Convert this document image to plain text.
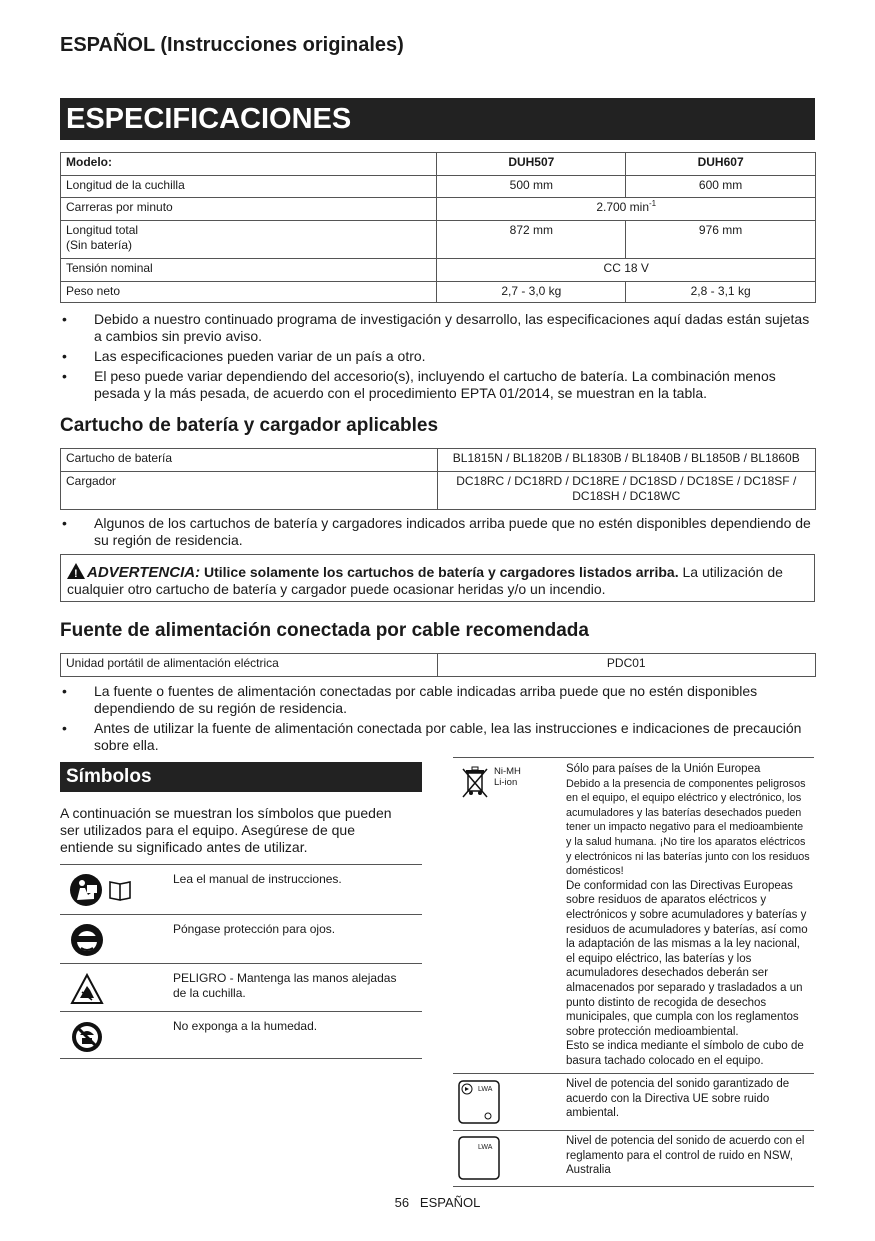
ESPAÑOL (Instrucciones originales)
ESPECIFICACIONES
Modelo:	DUH507	DUH607
Longitud de la cuchilla	500 mm	600 mm
Carreras por minuto	2.700 $\min^{-1}$
Longitud total
(Sin batería)	872 mm	976 mm
Tensión nominal	CC 18 V	
Peso neto	2,7 - 3,0 kg	2,8 - 3,1 kg
• Debido a nuestro continuado programa de investigación y desarrollo, las especificaciones aquí dadas están sujetas a cambios sin previo aviso.
• Las especificaciones pueden variar de un país a otro.
• El peso puede variar dependiendo del accesorio(s), incluyendo el cartucho de batería. La combinación menos pesada y la más pesada, de acuerdo con el procedimiento EPTA 01/2014, se muestran en la tabla.
Cartucho de batería y cargador aplicables
Cartucho de batería	BL1815N / BL1820B / BL1830B / BL1840B / BL1850B / BL1860B
Cargador	DC18RC / DC18RD / DC18RE / DC18SD / DC18SE / DC18SF /
DC18SH / DC18WC
• Algunos de los cartuchos de batería y cargadores indicados arriba puede que no estén disponibles dependiendo de su región de residencia.
!ADVERTENCIA: Utilice solamente los cartuchos de batería y cargadores listados arriba. La utilización de cualquier otro cartucho de batería y cargador puede ocasionar heridas y/o un incendio.
Fuente de alimentación conectada por cable recomendada
Unidad portátil de alimentación eléctrica	PDC01
• La fuente o fuentes de alimentación conectadas por cable indicadas arriba puede que no estén disponibles dependiendo de su región de residencia.
• Antes de utilizar la fuente de alimentación conectada por cable, lea las instrucciones e indicaciones de precaución sobre ella.
Símbolos
A continuación se muestran los símbolos que pueden ser utilizados para el equipo. Asegúrese de que entiende su significado antes de utilizar.
Lea el manual de instrucciones.
Póngase protección para ojos.
PELIGRO - Mantenga las manos alejadas de la cuchilla.
No exponga a la humedad.
Ni-MH
Li-ion
Sólo para países de la Unión Europea
Debido a la presencia de componentes peligrosos en el equipo, el equipo eléctrico y electrónico, los acumuladores y las baterías desechados pueden tener un impacto negativo para el medioambiente y la salud humana. ¡No tire los aparatos eléctricos y electrónicos ni las baterías junto con los residuos domésticos!
De conformidad con las Directivas Europeas sobre residuos de aparatos eléctricos y electrónicos y sobre acumuladores y baterías y residuos de acumuladores y baterías, así como la adaptación de las mismas a la ley nacional, el equipo eléctrico, las baterías y los acumuladores desechados deberán ser almacenados por separado y trasladados a un punto distinto de recogida de desechos municipales, que cumpla con los reglamentos sobre protección medioambiental.
Esto se indica mediante el símbolo de cubo de basura tachado colocado en el equipo.
LWA	Nivel de potencia del sonido garantizado de acuerdo con la Directiva UE sobre ruido ambiental.
LWA
Nivel de potencia del sonido de acuerdo con el reglamento para el control de ruido en NSW, Australia
56 ESPAÑOL
